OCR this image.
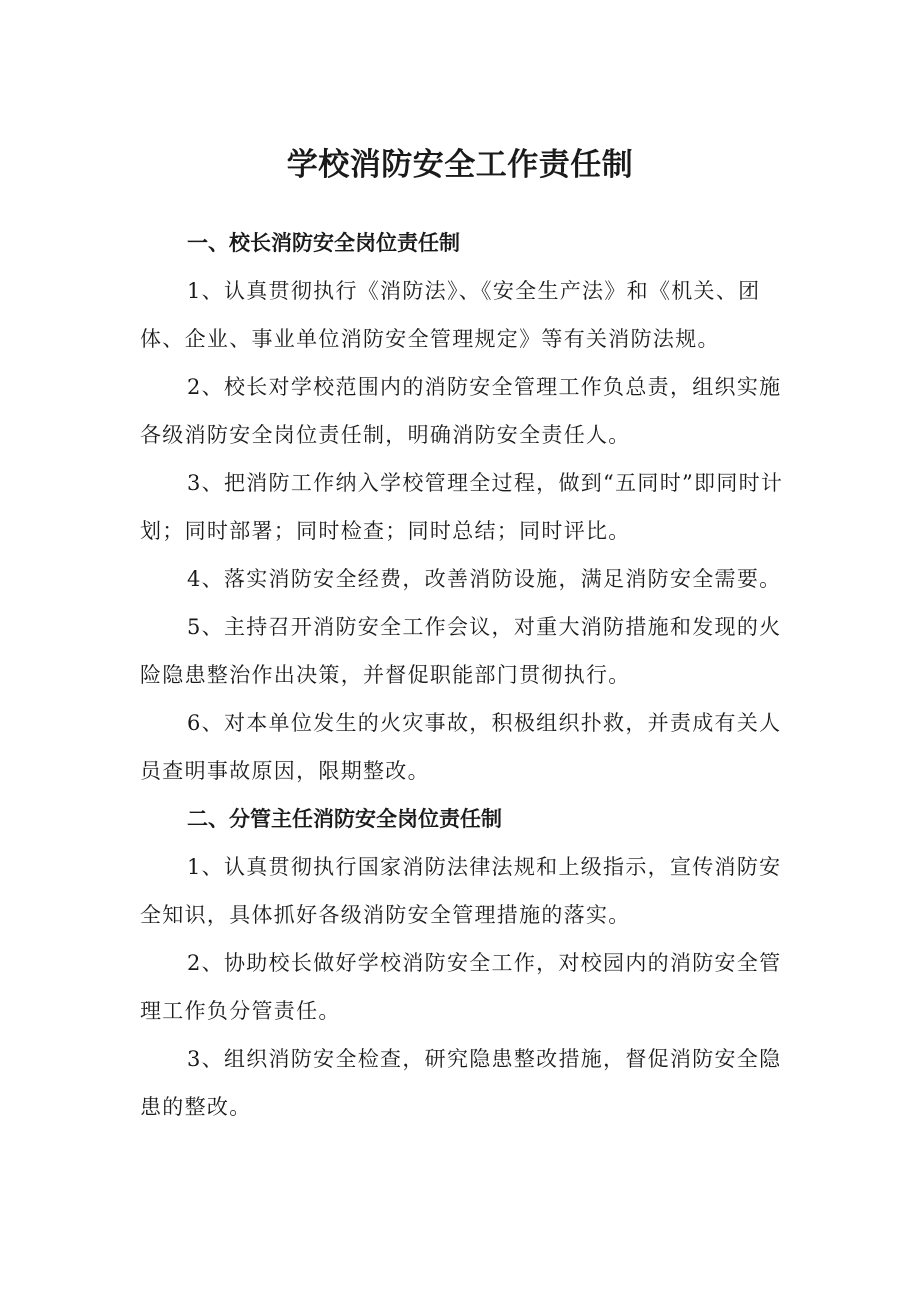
学校消防安全工作责任制

一、校长消防安全岗位责任制

1、认真贯彻执行《消防法》、《安全生产法》和《机关、团体、企业、事业单位消防安全管理规定》等有关消防法规。

2、校长对学校范围内的消防安全管理工作负总责，组织实施各级消防安全岗位责任制，明确消防安全责任人。

3、把消防工作纳入学校管理全过程，做到“五同时”即同时计划；同时部署；同时检查；同时总结；同时评比。

4、落实消防安全经费，改善消防设施，满足消防安全需要。

5、主持召开消防安全工作会议，对重大消防措施和发现的火险隐患整治作出决策，并督促职能部门贯彻执行。

6、对本单位发生的火灾事故，积极组织扑救，并责成有关人员查明事故原因，限期整改。

二、分管主任消防安全岗位责任制

1、认真贯彻执行国家消防法律法规和上级指示，宣传消防安全知识，具体抓好各级消防安全管理措施的落实。

2、协助校长做好学校消防安全工作，对校园内的消防安全管理工作负分管责任。

3、组织消防安全检查，研究隐患整改措施，督促消防安全隐患的整改。
